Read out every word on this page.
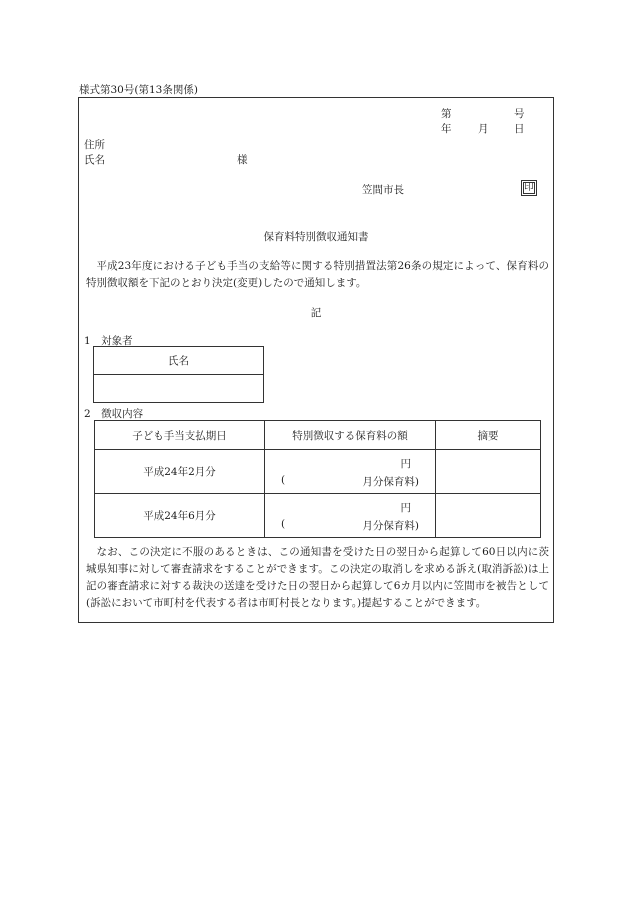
様式第30号(第13条関係)
第	号
年	月 日
住所
氏名	様
笠間市長	印
保育料特別徴収通知書
平成23年度における子ども手当の支給等に関する特別措置法第26条の規定によって、保育料の特別徴収額を下記のとおり決定(変更)したので通知します。
記
1　対象者
氏名

2　徴収内容
子ども手当支払期日	特別徴収する保育料の額	摘要
平成24年2月分	円
( 月分保育料)	

平成24年6月分	円
( 月分保育料)	

なお、この決定に不服のあるときは、この通知書を受けた日の翌日から起算して60日以内に茨城県知事に対して審査請求をすることができます。この決定の取消しを求める訴え(取消訴訟)は上記の審査請求に対する裁決の送達を受けた日の翌日から起算して6カ月以内に笠間市を被告として(訴訟において市町村を代表する者は市町村長となります。)提起することができます。
